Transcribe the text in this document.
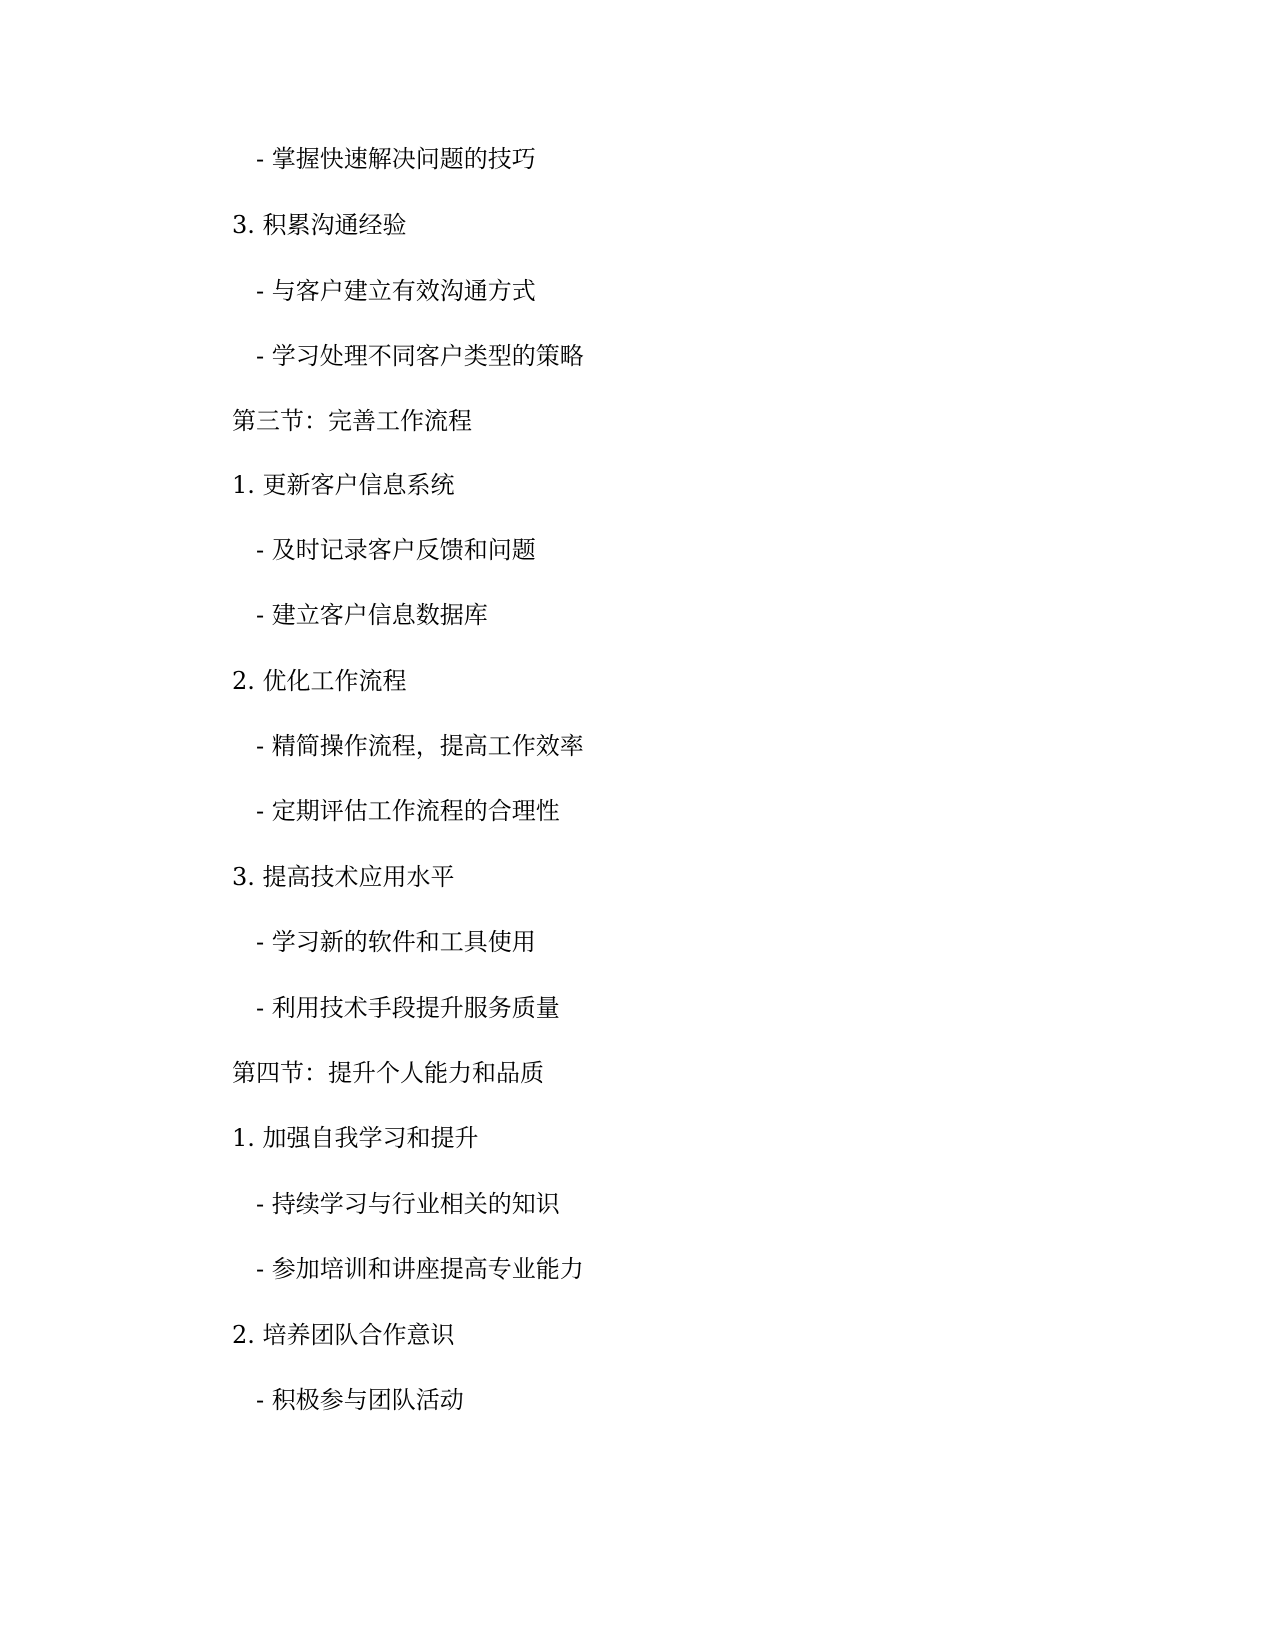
- 掌握快速解决问题的技巧
3. 积累沟通经验
- 与客户建立有效沟通方式
- 学习处理不同客户类型的策略
第三节：完善工作流程
1. 更新客户信息系统
- 及时记录客户反馈和问题
- 建立客户信息数据库
2. 优化工作流程
- 精简操作流程，提高工作效率
- 定期评估工作流程的合理性
3. 提高技术应用水平
- 学习新的软件和工具使用
- 利用技术手段提升服务质量
第四节：提升个人能力和品质
1. 加强自我学习和提升
- 持续学习与行业相关的知识
- 参加培训和讲座提高专业能力
2. 培养团队合作意识
- 积极参与团队活动
